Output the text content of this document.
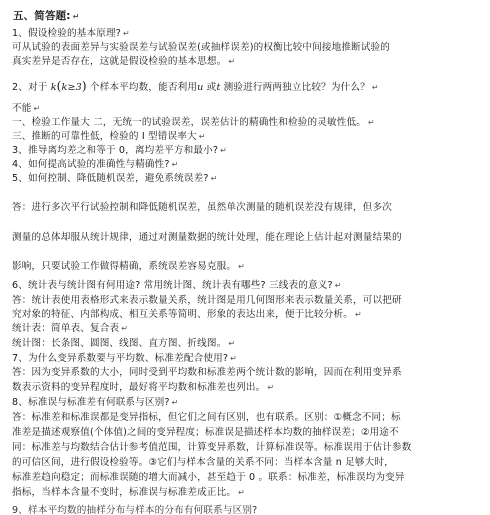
五、简答题: ↵
1、假设检验的基本原理? ↵
可从试验的表面差异与实验误差与试验误差(或抽样误差)的权衡比较中间接地推断试验的
真实差异是否存在，这就是假设检验的基本思想。 ↵
2、对于 k(k≥3) 个样本平均数，能否利用u 或t 测验进行两两独立比较？为什么？ ↵
不能 ↵
一、检验工作量大 二，无统一的试验误差，误差估计的精确性和检验的灵敏性低。 ↵
三、推断的可靠性低，检验的 I 型错误率大 ↵
3、推导离均差之和等于 0，离均差平方和最小? ↵
4、如何提高试验的准确性与精确性? ↵
5、如何控制、降低随机误差，避免系统误差? ↵
答：进行多次平行试验控制和降低随机误差，虽然单次测量的随机误差没有规律，但多次
测量的总体却服从统计规律，通过对测量数据的统计处理，能在理论上估计起对测量结果的
影响，只要试验工作做得精确，系统误差容易克服。 ↵
6、统计表与统计图有何用途? 常用统计图、统计表有哪些? 三线表的意义? ↵
答：统计表使用表格形式来表示数量关系，统计图是用几何图形来表示数量关系，可以把研
究对象的特征、内部构成、相互关系等简明、形象的表达出来，便于比较分析。 ↵
统计表：简单表、复合表 ↵
统计图：长条图、圆图、线图、直方图、折线图。 ↵
7、为什么变异系数要与平均数、标准差配合使用? ↵
答：因为变异系数的大小，同时受到平均数和标准差两个统计数的影响，因而在利用变异系
数表示资料的变异程度时，最好将平均数和标准差也列出。 ↵
8、标准误与标准差有何联系与区别? ↵
答：标准差和标准误都是变异指标，但它们之间有区别，也有联系。区别：①概念不同；标
准差是描述观察值(个体值)之间的变异程度；标准误是描述样本均数的抽样误差；②用途不
同：标准差与均数结合估计参考值范围，计算变异系数，计算标准误等。标准误用于估计参数
的可信区间，进行假设检验等。③它们与样本含量的关系不同：当样本含量 n 足够大时，
标准差趋向稳定；而标准误随的增大而减小，甚至趋于 0 。联系：标准差，标准误均为变异
指标，当样本含量不变时，标准误与标准差成正比。 ↵
9、样本平均数的抽样分布与样本的分布有何联系与区别?
